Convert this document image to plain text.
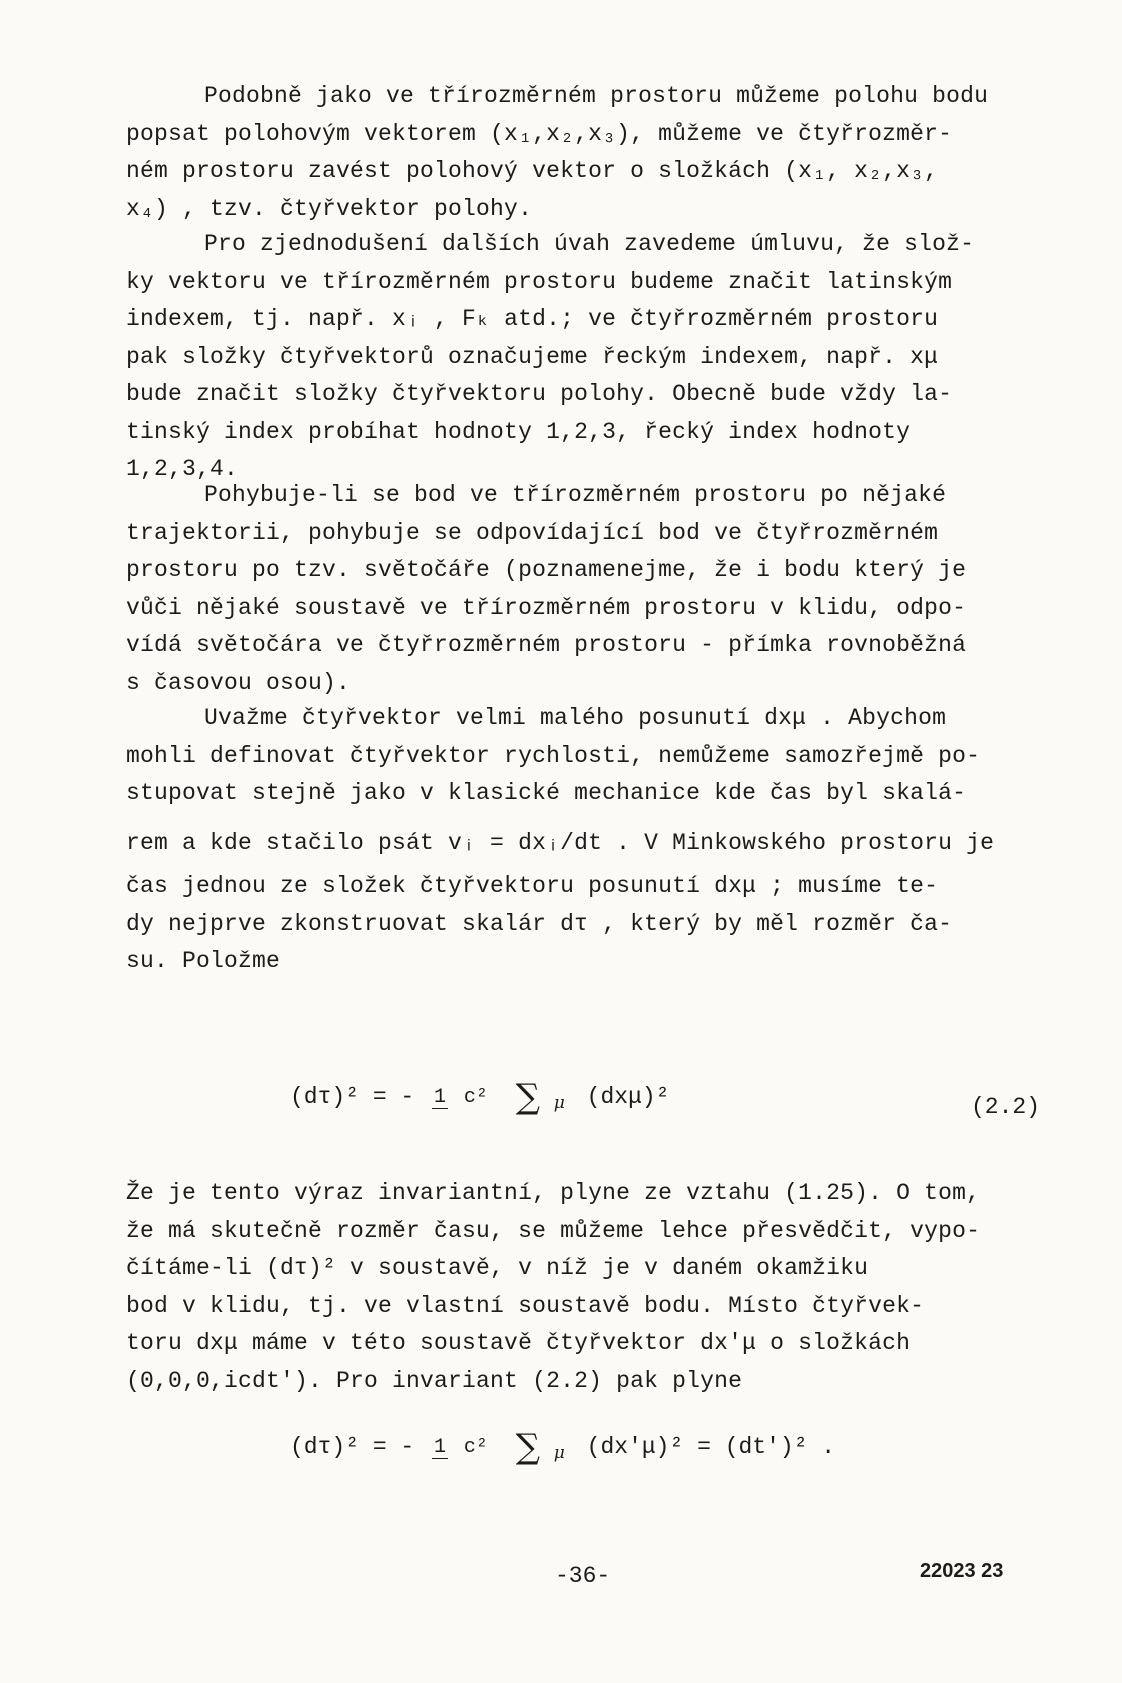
Podobně jako ve třírozměrném prostoru můžeme polohu bodu
popsat polohovým vektorem (x₁,x₂,x₃), můžeme ve čtyřrozměr-
ném prostoru zavést polohový vektor o složkách (x₁, x₂,x₃,
x₄) , tzv. čtyřvektor polohy.
Pro zjednodušení dalších úvah zavedeme úmluvu, že slož-
ky vektoru ve třírozměrném prostoru budeme značit latinským
indexem, tj. např. xᵢ , Fₖ atd.; ve čtyřrozměrném prostoru
pak složky čtyřvektorů označujeme řeckým indexem, např. xμ
bude značit složky čtyřvektoru polohy. Obecně bude vždy la-
tinský index probíhat hodnoty 1,2,3, řecký index hodnoty
1,2,3,4.
Pohybuje-li se bod ve třírozměrném prostoru po nějaké
trajektorii, pohybuje se odpovídající bod ve čtyřrozměrném
prostoru po tzv. světočáře (poznamenejme, že i bodu který je
vůči nějaké soustavě ve třírozměrném prostoru v klidu, odpo-
vídá světočára ve čtyřrozměrném prostoru - přímka rovnoběžná
s časovou osou).
Uvažme čtyřvektor velmi malého posunutí dxμ . Abychom
mohli definovat čtyřvektor rychlosti, nemůžeme samozřejmě po-
stupovat stejně jako v klasické mechanice kde čas byl skalá-
rem a kde stačilo psát vᵢ = dxᵢ/dt . V Minkowského prostoru je
čas jednou ze složek čtyřvektoru posunutí dxμ ; musíme te-
dy nejprve zkonstruovat skalár dτ , který by měl rozměr ča-
su. Položme
(dτ)² = - 1 c² ∑ μ (dxμ)²	(2.2)
Že je tento výraz invariantní, plyne ze vztahu (1.25). O tom,
že má skutečně rozměr času, se můžeme lehce přesvědčit, vypo-
čítáme-li (dτ)² v soustavě, v níž je v daném okamžiku
bod v klidu, tj. ve vlastní soustavě bodu. Místo čtyřvek-
toru dxμ máme v této soustavě čtyřvektor dx'μ o složkách
(0,0,0,icdt'). Pro invariant (2.2) pak plyne
(dτ)² = - 1 c² ∑ μ (dx'μ)² = (dt')² .
-36-	22023 23
